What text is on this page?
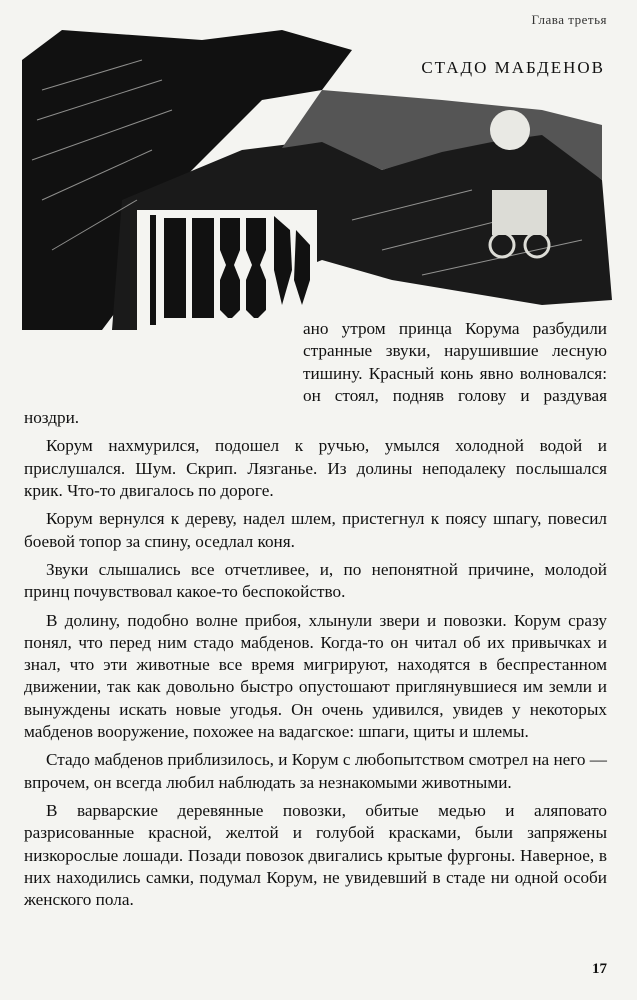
Глава третья
СТАДО МАБДЕНОВ

ано утром принца Корума разбудили странные звуки, нарушившие лесную тишину. Красный конь явно волновался: он стоял, подняв голову и раздувая ноздри.

Корум нахмурился, подошел к ручью, умылся холодной водой и прислушался. Шум. Скрип. Лязганье. Из долины неподалеку послышался крик. Что-то двигалось по дороге.

Корум вернулся к дереву, надел шлем, пристегнул к поясу шпагу, повесил боевой топор за спину, оседлал коня.

Звуки слышались все отчетливее, и, по непонятной причине, молодой принц почувствовал какое-то беспокойство.

В долину, подобно волне прибоя, хлынули звери и повозки. Корум сразу понял, что перед ним стадо мабденов. Когда-то он читал об их привычках и знал, что эти животные все время мигрируют, находятся в беспрестанном движении, так как довольно быстро опустошают приглянувшиеся им земли и вынуждены искать новые угодья. Он очень удивился, увидев у некоторых мабденов вооружение, похожее на вадагское: шпаги, щиты и шлемы.

Стадо мабденов приблизилось, и Корум с любопытством смотрел на него — впрочем, он всегда любил наблюдать за незнакомыми животными.

В варварские деревянные повозки, обитые медью и аляповато разрисованные красной, желтой и голубой красками, были запряжены низкорослые лошади. Позади повозок двигались крытые фургоны. Наверное, в них находились самки, подумал Корум, не увидевший в стаде ни одной особи женского пола.

17
